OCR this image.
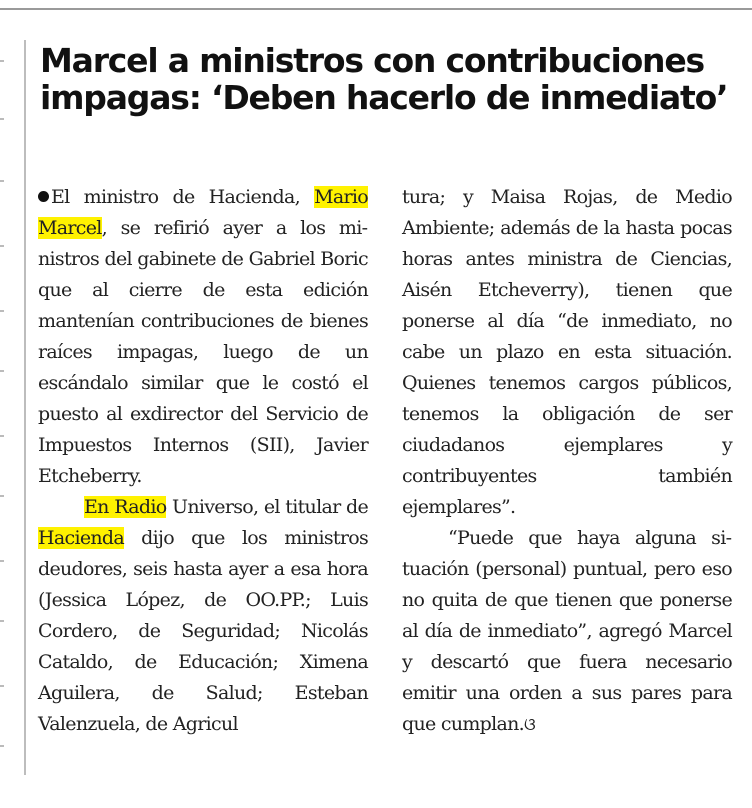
Marcel a ministros con contribuciones impagas: ‘Deben hacerlo de inmediato’

El ministro de Hacienda, Mario Marcel, se refirió ayer a los ministros del gabinete de Gabriel Boric que al cierre de esta edición mantenían contribuciones de bienes raíces impagas, luego de un escándalo similar que le costó el puesto al exdirector del Servicio de Impuestos Internos (SII), Javier Etcheberry.

En Radio Universo, el titular de Hacienda dijo que los ministros deudores, seis hasta ayer a esa hora (Jessica López, de OO.PP.; Luis Cordero, de Seguridad; Nicolás Cataldo, de Educación; Ximena Aguilera, de Salud; Esteban Valenzuela, de Agricul

tura; y Maisa Rojas, de Medio Ambiente; además de la hasta pocas horas antes ministra de Ciencias, Aisén Etcheverry), tienen que ponerse al día “de inmediato, no cabe un plazo en esta situación. Quienes tenemos cargos públicos, tenemos la obligación de ser ciudadanos ejemplares y contribuyentes también ejemplares”.

“Puede que haya alguna situación (personal) puntual, pero eso no quita de que tienen que ponerse al día de inmediato”, agregó Marcel y descartó que fuera necesario emitir una orden a sus pares para que cumplan.ଓ
